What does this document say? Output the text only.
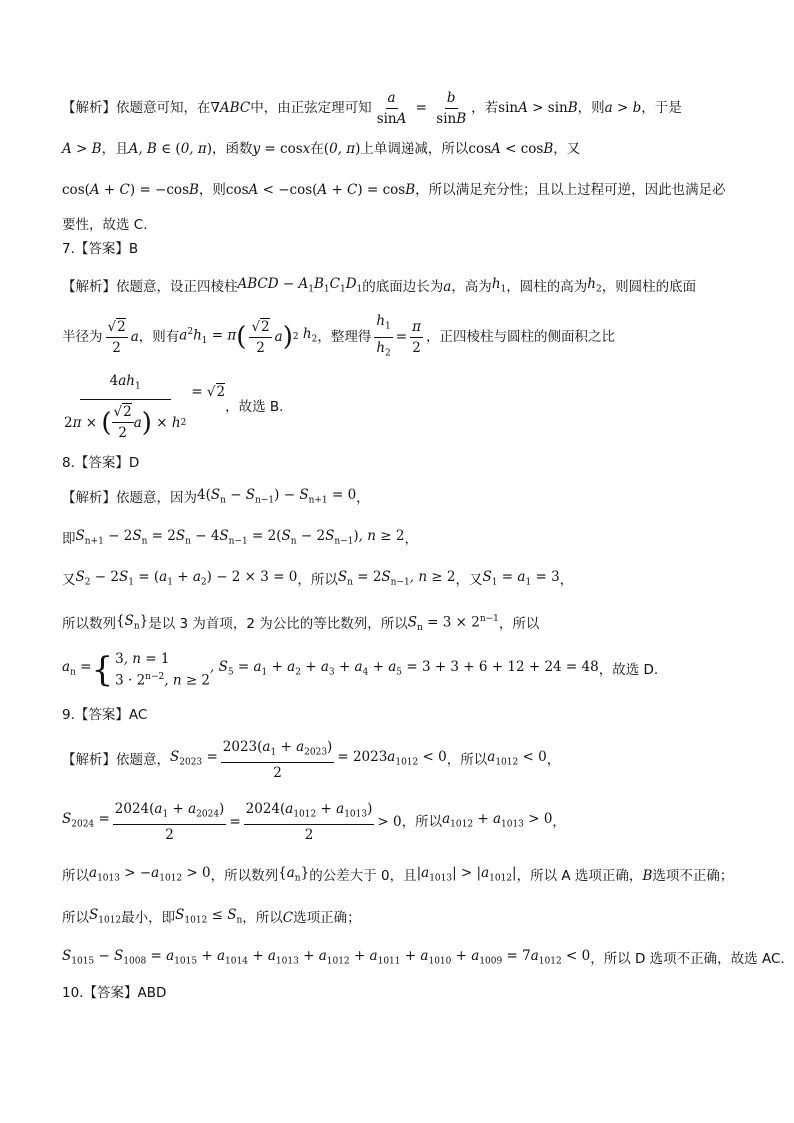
【解析】依题意可知，在 ∇ABC 中，由正弦定理可知 $\frac{a}{\sin A} = \frac{b}{\sin B}$ ，若 sinA > sinB ，则 a > b ，于是
A > B ，且 A, B ∈ (0, π) ，函数 y = cosx 在 (0, π) 上单调递减，所以 cosA < cosB ，又
cos(A + C) = −cosB ，则 cosA < −cos(A + C) = cosB ，所以满足充分性；且以上过程可逆，因此也满足必
要性，故选 C.
7.【答案】B
【解析】依题意，设正四棱柱 ABCD − $A_1B_1C_1D_1$ 的底面边长为 a ，高为 $h_1$ ，圆柱的高为 $h_2$ ，则圆柱的底面
半径为 $\frac{√2}{2}$ a ，则有 $a^2h_1 = \pi$ ( $\frac{√2}{2}$ a ) 2 $h_2$ ，整理得 $\frac{h_1}{h_2} = \frac{\pi}{2}$ ，正四棱柱与圆柱的侧面积之比
$\frac{4ah_1}{2 \pi \times ( \frac{√2}{2} a ) \times h 2} = √2$
，故选 B.
8.【答案】D
【解析】依题意，因为 $4(S_n - S_{n-1}) - S_{n+1} = 0$ ，
即 $S_{n+1} - 2S_n = 2S_n - 4S_{n-1} = 2(S_n - 2S_{n-1})$, n ≥ 2 ，
又 $S_2 - 2S_1 = (a_1 + a_2) - 2 \times 3 = 0$ ，所以 $S_n = 2S_{n-1}$, n ≥ 2 ，又 $S_1 = a_1 = 3$ ，
所以数列 $\{S_n\}$ 是以 3 为首项，2 为公比的等比数列，所以 $S_n = 3 \times 2^{n-1}$ ，所以
$a_n$ = { 3, n = 1
$3 \cdot 2^{n-2}$, n ≥ 2
, $S_5 = a_1 + a_2 + a_3 + a_4 + a_5 = 3 + 3 + 6 + 12 + 24 = 48$ ，故选 D.
9.【答案】AC
【解析】依题意， $S_{2023} = \frac{2023(a_1 + a_{2023})}{2} = 2023a_{1012} < 0$ ，所以 $a_{1012} < 0$ ，
$S_{2024} = \frac{2024(a_1 + a_{2024})}{2} = \frac{2024(a_{1012} + a_{1013})}{2} > 0$ ，所以 $a_{1012} + a_{1013} > 0$ ，
所以 $a_{1013} > -a_{1012} > 0$ ，所以数列 $\{a_n\}$ 的公差大于 0，且 $|a_{1013}| > |a_{1012}|$ ，所以 A 选项正确， B 选项不正确；
所以 $S_{1012}$ 最小，即 $S_{1012} \le S_n$ ，所以 C 选项正确；
$S_{1015} - S_{1008} = a_{1015} + a_{1014} + a_{1013} + a_{1012} + a_{1011} + a_{1010} + a_{1009} = 7a_{1012} < 0$ ，所以 D 选项不正确，故选 AC.
10.【答案】ABD
